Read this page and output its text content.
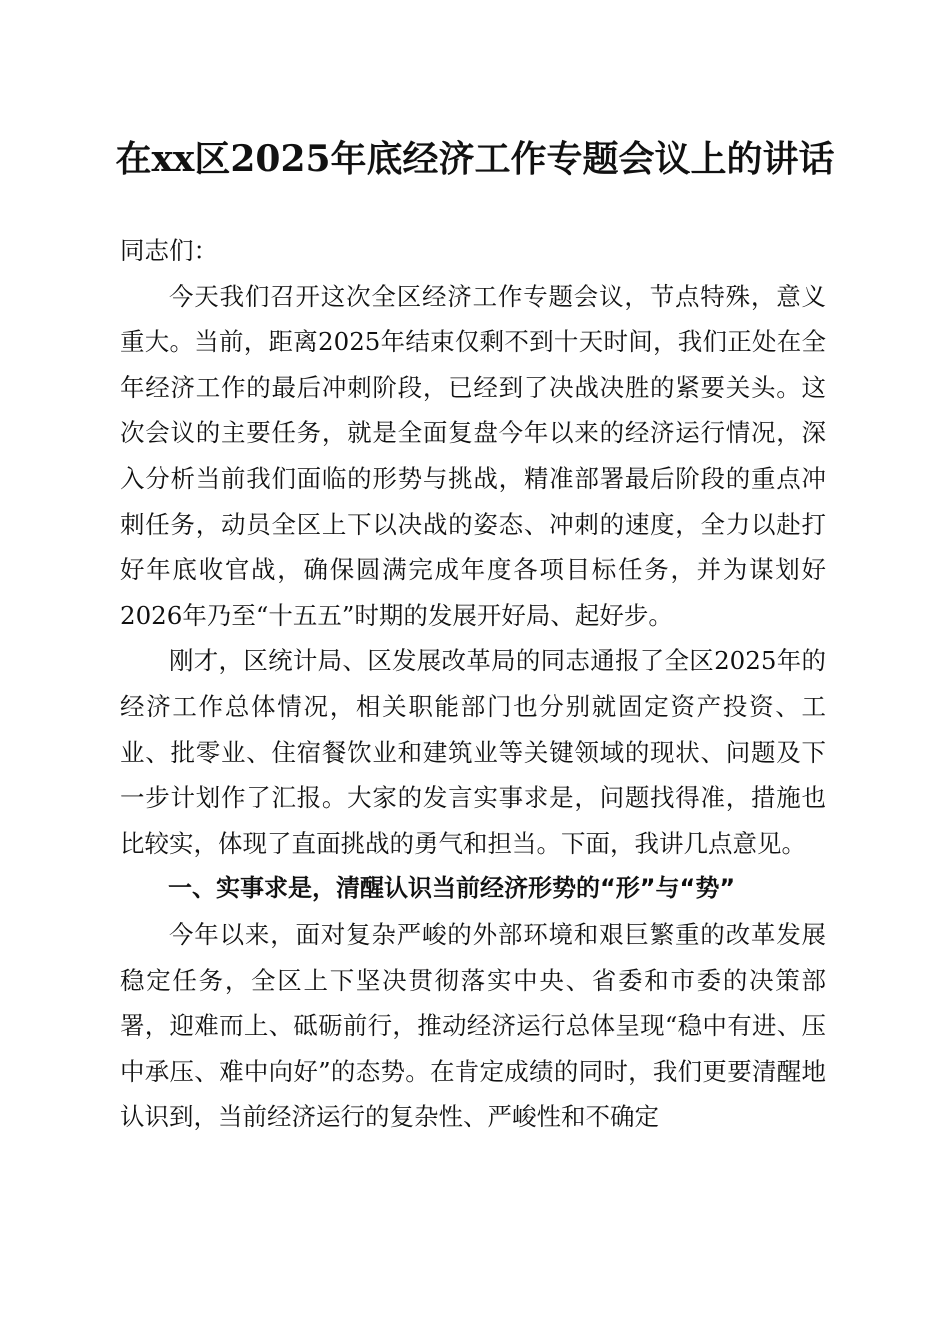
在xx区2025年底经济工作专题会议上的讲话

同志们：

今天我们召开这次全区经济工作专题会议，节点特殊，意义重大。当前，距离2025年结束仅剩不到十天时间，我们正处在全年经济工作的最后冲刺阶段，已经到了决战决胜的紧要关头。这次会议的主要任务，就是全面复盘今年以来的经济运行情况，深入分析当前我们面临的形势与挑战，精准部署最后阶段的重点冲刺任务，动员全区上下以决战的姿态、冲刺的速度，全力以赴打好年底收官战，确保圆满完成年度各项目标任务，并为谋划好2026年乃至“十五五”时期的发展开好局、起好步。

刚才，区统计局、区发展改革局的同志通报了全区2025年的经济工作总体情况，相关职能部门也分别就固定资产投资、工业、批零业、住宿餐饮业和建筑业等关键领域的现状、问题及下一步计划作了汇报。大家的发言实事求是，问题找得准，措施也比较实，体现了直面挑战的勇气和担当。下面，我讲几点意见。

一、实事求是，清醒认识当前经济形势的“形”与“势”

今年以来，面对复杂严峻的外部环境和艰巨繁重的改革发展稳定任务，全区上下坚决贯彻落实中央、省委和市委的决策部署，迎难而上、砥砺前行，推动经济运行总体呈现“稳中有进、压中承压、难中向好”的态势。在肯定成绩的同时，我们更要清醒地认识到，当前经济运行的复杂性、严峻性和不确定
